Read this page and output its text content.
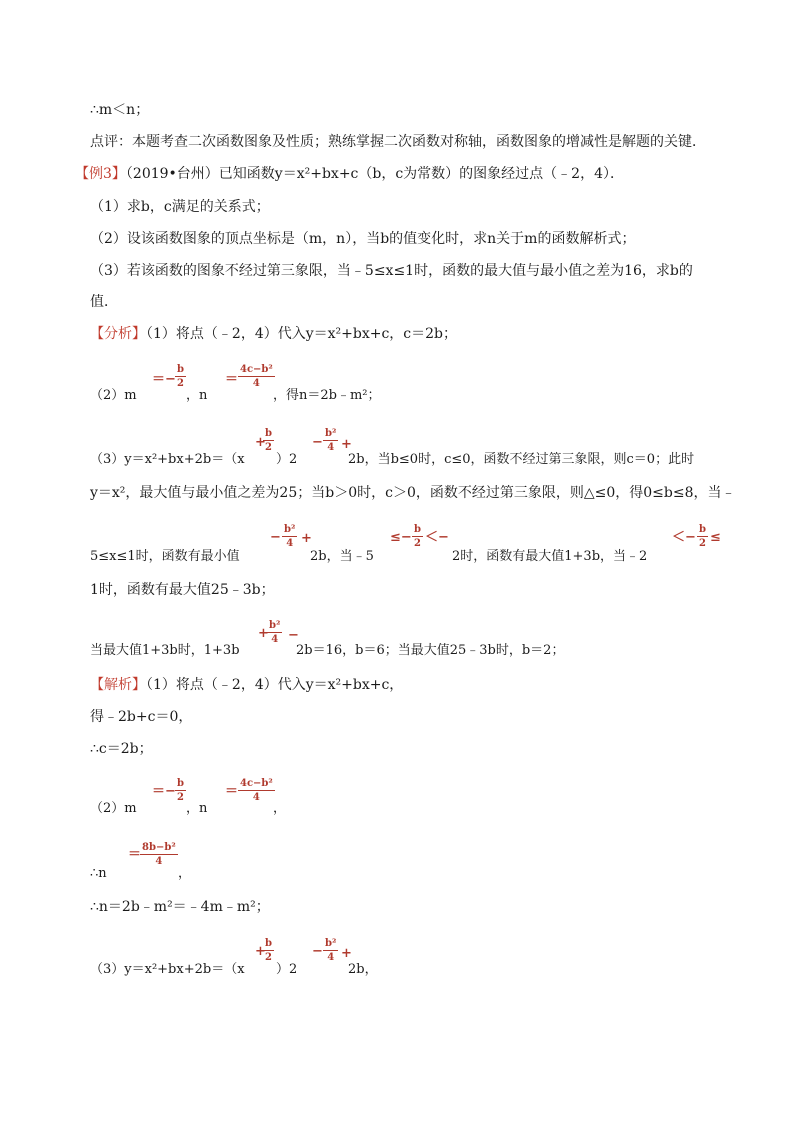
∴m＜n；
点评：本题考查二次函数图象及性质；熟练掌握二次函数对称轴，函数图象的增减性是解题的关键．
【例3】（2019•台州）已知函数y＝x²+bx+c（b，c为常数）的图象经过点（﹣2，4）．
（1）求b，c满足的关系式；
（2）设该函数图象的顶点坐标是（m，n），当b的值变化时，求n关于m的函数解析式；
（3）若该函数的图象不经过第三象限，当﹣5≤x≤1时，函数的最大值与最小值之差为16，求b的
值．
【分析】（1）将点（﹣2，4）代入y＝x²+bx+c，c＝2b；
（2）m
＝−
b
2
，n
＝
4c−b²
4
，得n＝2b﹣m²；
（3）y＝x²+bx+2b＝（x
+
b
2
）2
−
b²
4 +
2b，当b≤0时，c≤0，函数不经过第三象限，则c＝0；此时
y＝x²，最大值与最小值之差为25；当b＞0时，c＞0，函数不经过第三象限，则△≤0，得0≤b≤8，当﹣
5≤x≤1时，函数有最小值
−
b²
4 +
2b，当﹣5
≤−
b
2 ＜−
2时，函数有最大值1+3b，当﹣2
＜−
b
2 ≤
1时，函数有最大值25﹣3b；
当最大值1+3b时，1+3b
+
b²
4 −
2b＝16，b＝6；当最大值25﹣3b时，b＝2；
【解析】（1）将点（﹣2，4）代入y＝x²+bx+c，
得﹣2b+c＝0，
∴c＝2b；
（2）m
＝−
b
2
，n
＝
4c−b²
4
，
∴n
＝ 8b−b²
4
，
∴n＝2b﹣m²＝﹣4m﹣m²；
（3）y＝x²+bx+2b＝（x
+
b
2
）2
−
b²
4 +
2b，
